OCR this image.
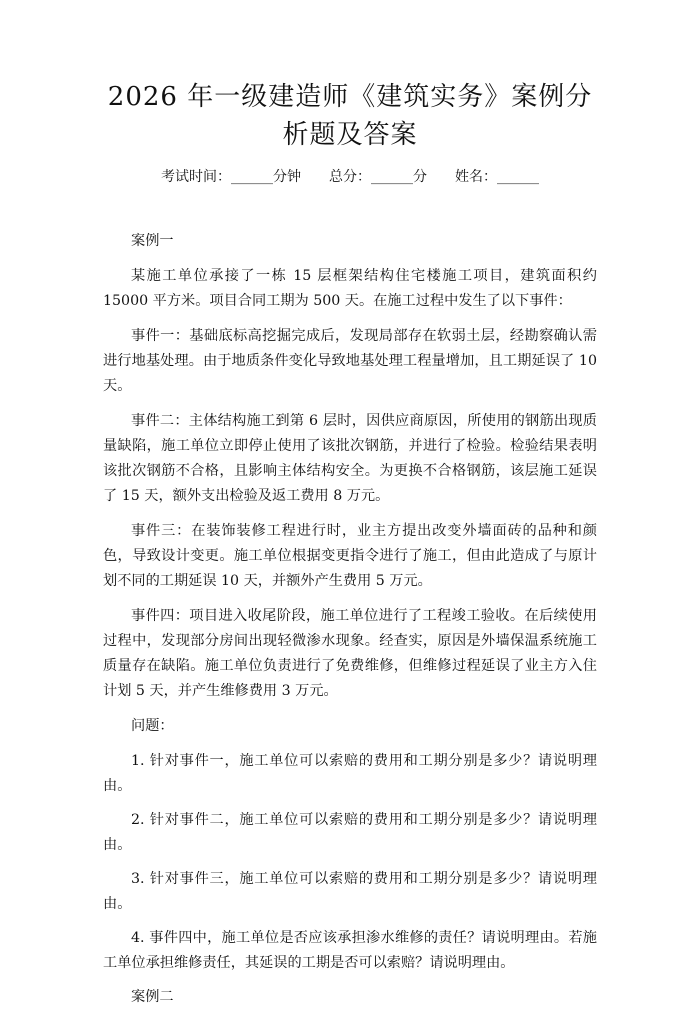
2026 年一级建造师《建筑实务》案例分析题及答案
考试时间：______分钟 总分：______分 姓名：______

案例一

某施工单位承接了一栋 15 层框架结构住宅楼施工项目，建筑面积约 15000 平方米。项目合同工期为 500 天。在施工过程中发生了以下事件：

事件一：基础底标高挖掘完成后，发现局部存在软弱土层，经勘察确认需进行地基处理。由于地质条件变化导致地基处理工程量增加，且工期延误了 10 天。

事件二：主体结构施工到第 6 层时，因供应商原因，所使用的钢筋出现质量缺陷，施工单位立即停止使用了该批次钢筋，并进行了检验。检验结果表明该批次钢筋不合格，且影响主体结构安全。为更换不合格钢筋，该层施工延误了 15 天，额外支出检验及返工费用 8 万元。

事件三：在装饰装修工程进行时，业主方提出改变外墙面砖的品种和颜色，导致设计变更。施工单位根据变更指令进行了施工，但由此造成了与原计划不同的工期延误 10 天，并额外产生费用 5 万元。

事件四：项目进入收尾阶段，施工单位进行了工程竣工验收。在后续使用过程中，发现部分房间出现轻微渗水现象。经查实，原因是外墙保温系统施工质量存在缺陷。施工单位负责进行了免费维修，但维修过程延误了业主方入住计划 5 天，并产生维修费用 3 万元。

问题：

1. 针对事件一，施工单位可以索赔的费用和工期分别是多少？请说明理由。

2. 针对事件二，施工单位可以索赔的费用和工期分别是多少？请说明理由。

3. 针对事件三，施工单位可以索赔的费用和工期分别是多少？请说明理由。

4. 事件四中，施工单位是否应该承担渗水维修的责任？请说明理由。若施工单位承担维修责任，其延误的工期是否可以索赔？请说明理由。

案例二
